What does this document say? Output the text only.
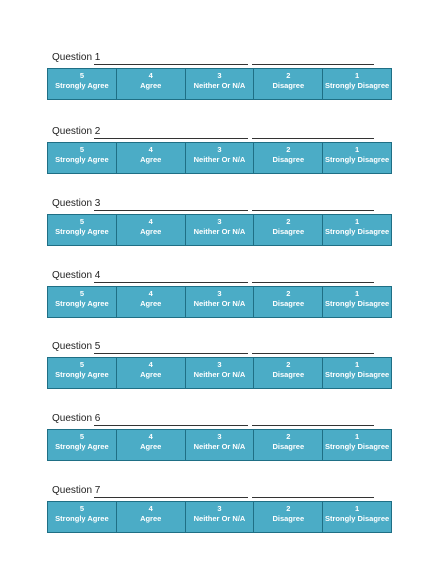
Question 1
5
Strongly Agree
4
Agree
3
Neither Or N/A
2
Disagree
1
Strongly Disagree
Question 2
5
Strongly Agree
4
Agree
3
Neither Or N/A
2
Disagree
1
Strongly Disagree
Question 3
5
Strongly Agree
4
Agree
3
Neither Or N/A
2
Disagree
1
Strongly Disagree
Question 4
5
Strongly Agree
4
Agree
3
Neither Or N/A
2
Disagree
1
Strongly Disagree
Question 5
5
Strongly Agree
4
Agree
3
Neither Or N/A
2
Disagree
1
Strongly Disagree
Question 6
5
Strongly Agree
4
Agree
3
Neither Or N/A
2
Disagree
1
Strongly Disagree
Question 7
5
Strongly Agree
4
Agree
3
Neither Or N/A
2
Disagree
1
Strongly Disagree
